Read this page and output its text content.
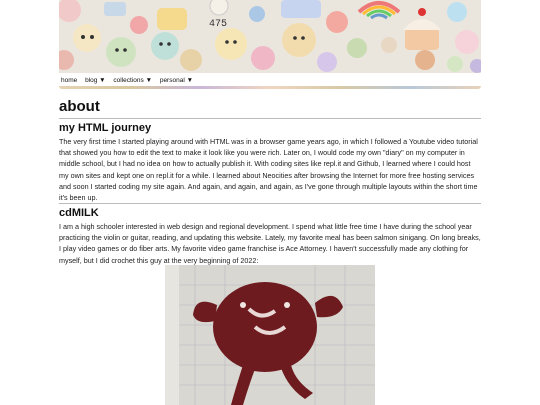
475
home blog ▼ collections ▼ personal ▼
about
my HTML journey

The very first time I started playing around with HTML was in a browser game years ago, in which I followed a Youtube video tutorial that showed you how to edit the text to make it look like you were rich. Later on, I would code my own "diary" on my computer in middle school, but I had no idea on how to actually publish it. With coding sites like repl.it and Github, I learned where I could host my own sites and kept one on repl.it for a while. I learned about Neocities after browsing the Internet for more free hosting services and soon I started coding my site again. And again, and again, and again, as I've gone through multiple layouts within the short time it's been up.

cdMILK

I am a high schooler interested in web design and regional development. I spend what little free time I have during the school year practicing the violin or guitar, reading, and updating this website. Lately, my favorite meal has been salmon sinigang. On long breaks, I play video games or do fiber arts. My favorite video game franchise is Ace Attorney. I haven't successfully made any clothing for myself, but I did crochet this guy at the very beginning of 2022:
